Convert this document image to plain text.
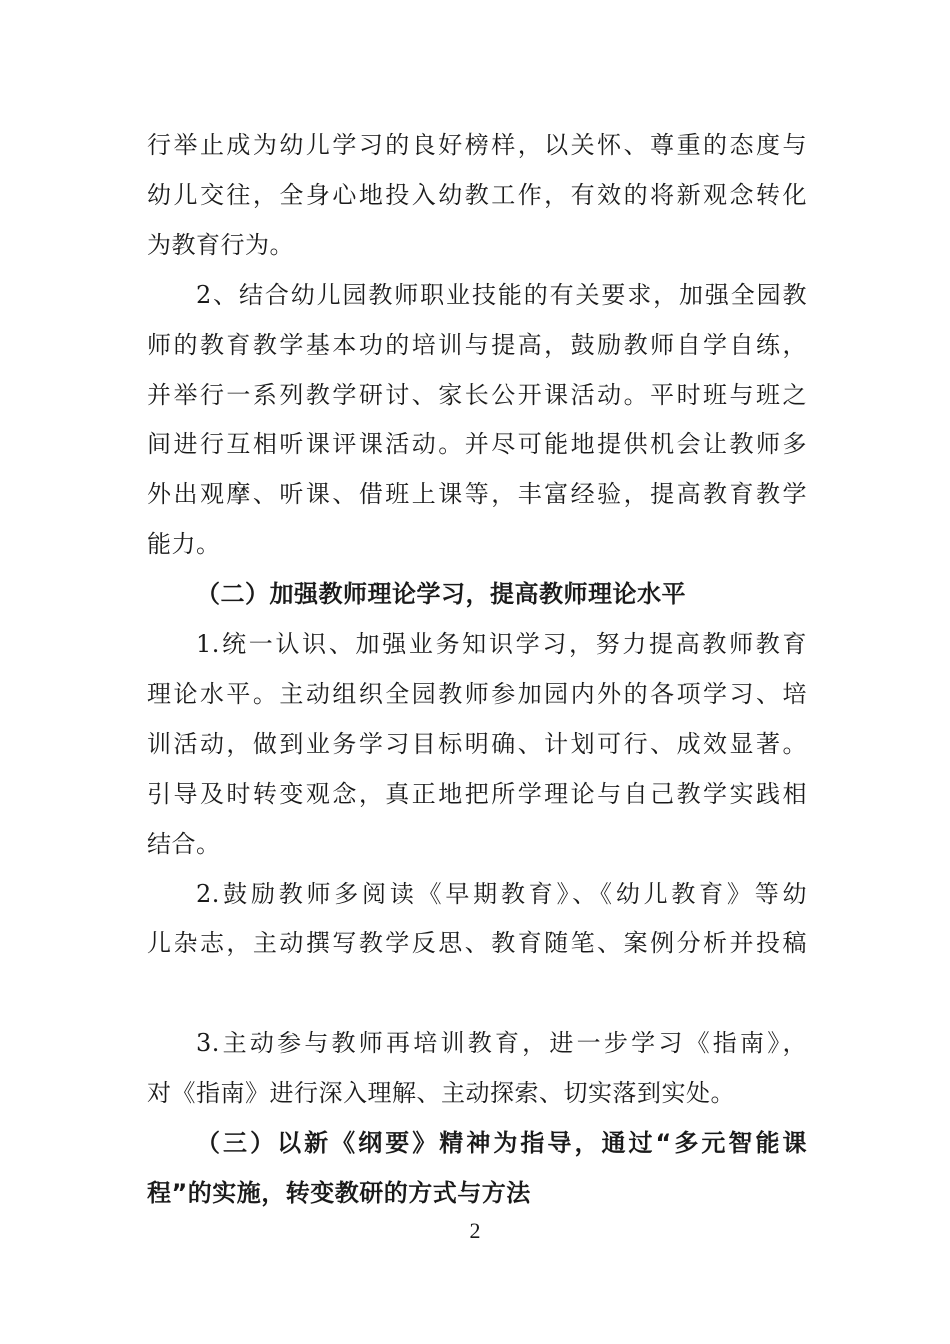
行举止成为幼儿学习的良好榜样，以关怀、尊重的态度与
幼儿交往，全身心地投入幼教工作，有效的将新观念转化
为教育行为。
2、结合幼儿园教师职业技能的有关要求，加强全园教
师的教育教学基本功的培训与提高，鼓励教师自学自练，
并举行一系列教学研讨、家长公开课活动。平时班与班之
间进行互相听课评课活动。并尽可能地提供机会让教师多
外出观摩、听课、借班上课等，丰富经验，提高教育教学
能力。
（二）加强教师理论学习，提高教师理论水平
1.统一认识、加强业务知识学习，努力提高教师教育
理论水平。主动组织全园教师参加园内外的各项学习、培
训活动，做到业务学习目标明确、计划可行、成效显著。
引导及时转变观念，真正地把所学理论与自己教学实践相
结合。
2.鼓励教师多阅读《早期教育》、《幼儿教育》等幼
儿杂志，主动撰写教学反思、教育随笔、案例分析并投稿
3.主动参与教师再培训教育，进一步学习《指南》，
对《指南》进行深入理解、主动探索、切实落到实处。
（三）以新《纲要》精神为指导，通过“多元智能课
程”的实施，转变教研的方式与方法
2
